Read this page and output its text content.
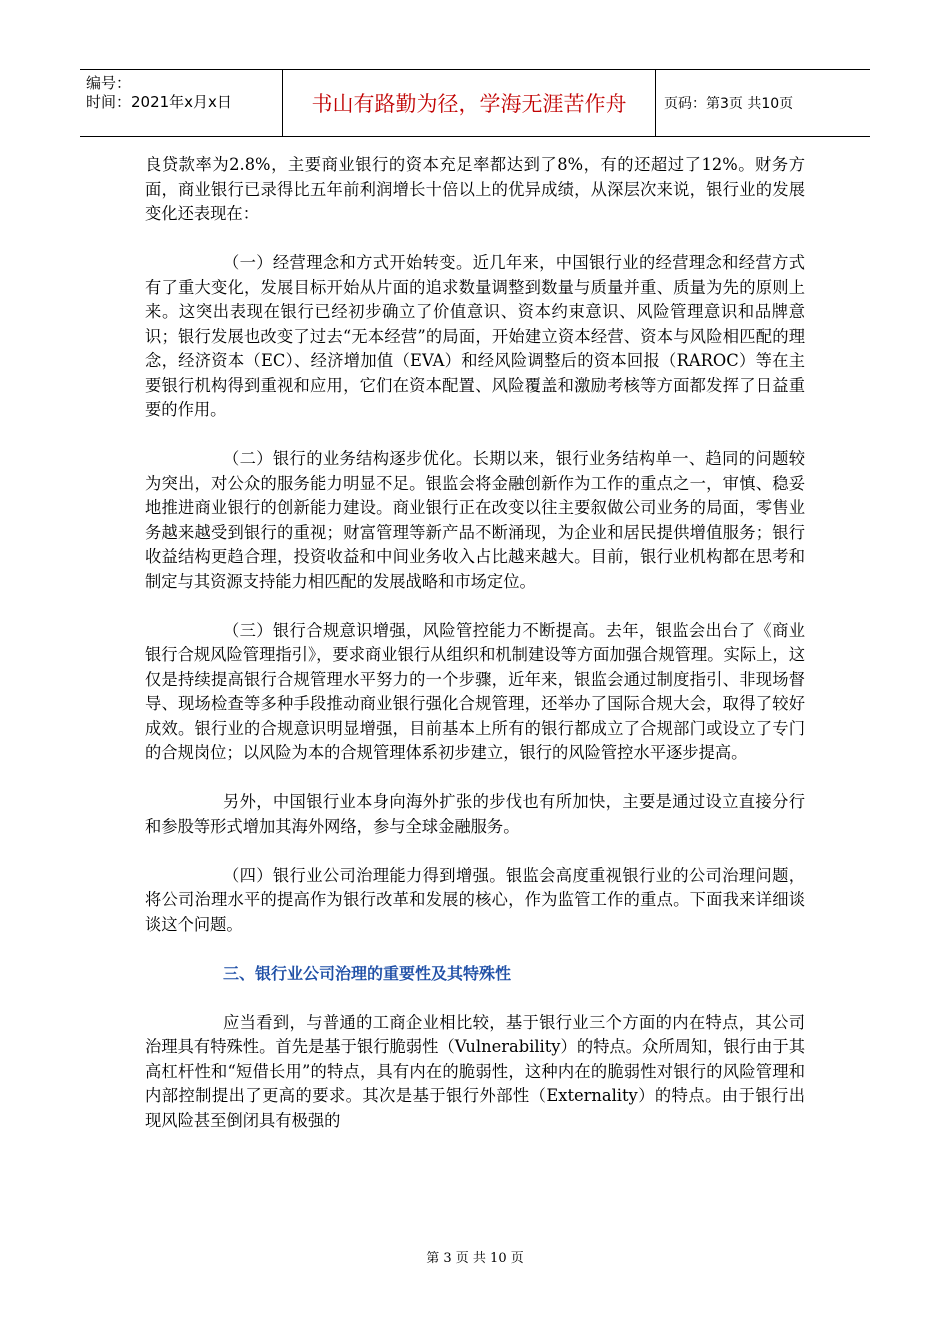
编号：
时间：2021年x月x日	书山有路勤为径，学海无涯苦作舟	页码：第3页 共10页

良贷款率为2.8%，主要商业银行的资本充足率都达到了8%，有的还超过了12%。财务方面，商业银行已录得比五年前利润增长十倍以上的优异成绩，从深层次来说，银行业的发展变化还表现在：

（一）经营理念和方式开始转变。近几年来，中国银行业的经营理念和经营方式有了重大变化，发展目标开始从片面的追求数量调整到数量与质量并重、质量为先的原则上来。这突出表现在银行已经初步确立了价值意识、资本约束意识、风险管理意识和品牌意识；银行发展也改变了过去“无本经营”的局面，开始建立资本经营、资本与风险相匹配的理念，经济资本（EC）、经济增加值（EVA）和经风险调整后的资本回报（RAROC）等在主要银行机构得到重视和应用，它们在资本配置、风险覆盖和激励考核等方面都发挥了日益重要的作用。

（二）银行的业务结构逐步优化。长期以来，银行业务结构单一、趋同的问题较为突出，对公众的服务能力明显不足。银监会将金融创新作为工作的重点之一，审慎、稳妥地推进商业银行的创新能力建设。商业银行正在改变以往主要叙做公司业务的局面，零售业务越来越受到银行的重视；财富管理等新产品不断涌现，为企业和居民提供增值服务；银行收益结构更趋合理，投资收益和中间业务收入占比越来越大。目前，银行业机构都在思考和制定与其资源支持能力相匹配的发展战略和市场定位。

（三）银行合规意识增强，风险管控能力不断提高。去年，银监会出台了《商业银行合规风险管理指引》，要求商业银行从组织和机制建设等方面加强合规管理。实际上，这仅是持续提高银行合规管理水平努力的一个步骤，近年来，银监会通过制度指引、非现场督导、现场检查等多种手段推动商业银行强化合规管理，还举办了国际合规大会，取得了较好成效。银行业的合规意识明显增强，目前基本上所有的银行都成立了合规部门或设立了专门的合规岗位；以风险为本的合规管理体系初步建立，银行的风险管控水平逐步提高。

另外，中国银行业本身向海外扩张的步伐也有所加快，主要是通过设立直接分行和参股等形式增加其海外网络，参与全球金融服务。

（四）银行业公司治理能力得到增强。银监会高度重视银行业的公司治理问题，将公司治理水平的提高作为银行改革和发展的核心，作为监管工作的重点。下面我来详细谈谈这个问题。

三、银行业公司治理的重要性及其特殊性

应当看到，与普通的工商企业相比较，基于银行业三个方面的内在特点，其公司治理具有特殊性。首先是基于银行脆弱性（Vulnerability）的特点。众所周知，银行由于其高杠杆性和“短借长用”的特点，具有内在的脆弱性，这种内在的脆弱性对银行的风险管理和内部控制提出了更高的要求。其次是基于银行外部性（Externality）的特点。由于银行出现风险甚至倒闭具有极强的

第 3 页 共 10 页
